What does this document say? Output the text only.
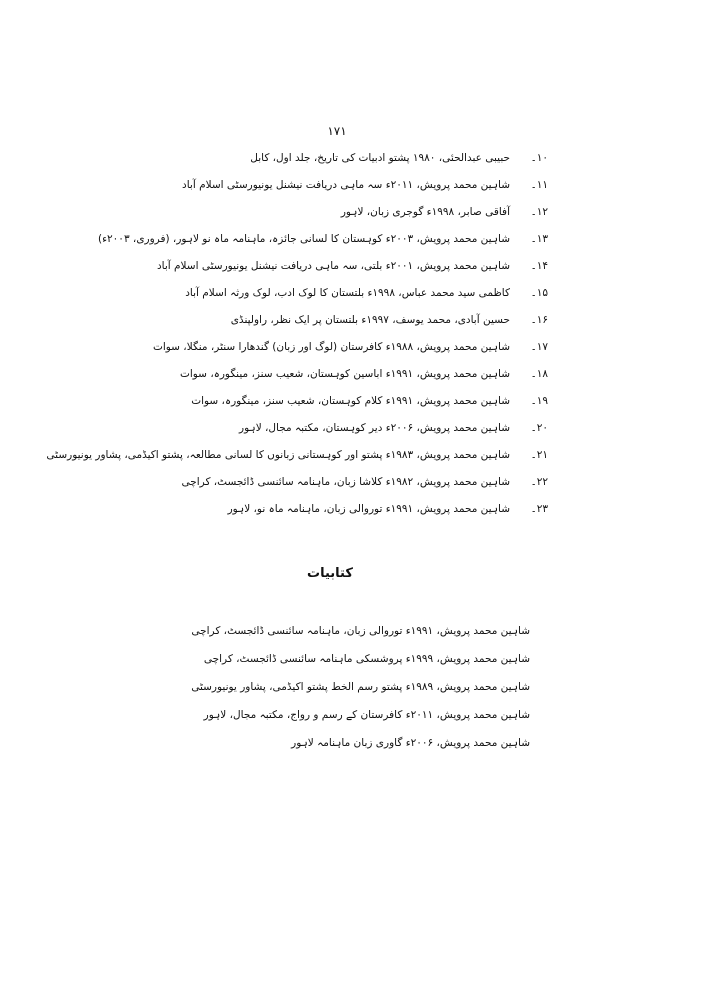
۱۷۱
۱۰۔
حبیبی عبدالحئی، ۱۹۸۰ پشتو ادبیات کی تاریخ، جلد اول، کابل
۱۱۔
شاہین محمد پرویش، ۲۰۱۱ء سہ ماہی دریافت نیشنل یونیورسٹی اسلام آباد
۱۲۔
آفاقی صابر، ۱۹۹۸ء گوجری زبان، لاہور
۱۳۔
شاہین محمد پرویش، ۲۰۰۳ء کوہستان کا لسانی جائزہ، ماہنامہ ماہ نو لاہور، (فروری، ۲۰۰۳ء)
۱۴۔
شاہین محمد پرویش، ۲۰۰۱ء بلتی، سہ ماہی دریافت نیشنل یونیورسٹی اسلام آباد
۱۵۔
کاظمی سید محمد عباس، ۱۹۹۸ء بلتستان کا لوک ادب، لوک ورثہ اسلام آباد
۱۶۔
حسین آبادی، محمد یوسف، ۱۹۹۷ء بلتستان پر ایک نظر، راولپنڈی
۱۷۔
شاہین محمد پرویش، ۱۹۸۸ء کافرستان (لوگ اور زبان) گندھارا سنٹر، منگلا، سوات
۱۸۔
شاہین محمد پرویش، ۱۹۹۱ء اباسین کوہستان، شعیب سنز، مینگورہ، سوات
۱۹۔
شاہین محمد پرویش، ۱۹۹۱ء کلام کوہستان، شعیب سنز، مینگورہ، سوات
۲۰۔
شاہین محمد پرویش، ۲۰۰۶ء دیر کوہستان، مکتبہ مجال، لاہور
۲۱۔
شاہین محمد پرویش، ۱۹۸۳ء پشتو اور کوہستانی زبانوں کا لسانی مطالعہ، پشتو اکیڈمی، پشاور یونیورسٹی
۲۲۔
شاہین محمد پرویش، ۱۹۸۲ء کلاشا زبان، ماہنامہ سائنسی ڈائجسٹ، کراچی
۲۳۔
شاہین محمد پرویش، ۱۹۹۱ء توروالی زبان، ماہنامہ ماہ نو، لاہور
کتابیات
شاہین محمد پرویش، ۱۹۹۱ء توروالی زبان، ماہنامہ سائنسی ڈائجسٹ، کراچی
شاہین محمد پرویش، ۱۹۹۹ء پروشسکی ماہنامہ سائنسی ڈائجسٹ، کراچی
شاہین محمد پرویش، ۱۹۸۹ء پشتو رسم الخط پشتو اکیڈمی، پشاور یونیورسٹی
شاہین محمد پرویش، ۲۰۱۱ء کافرستان کے رسم و رواج، مکتبہ مجال، لاہور
شاہین محمد پرویش، ۲۰۰۶ء گاوری زبان ماہنامہ لاہور
